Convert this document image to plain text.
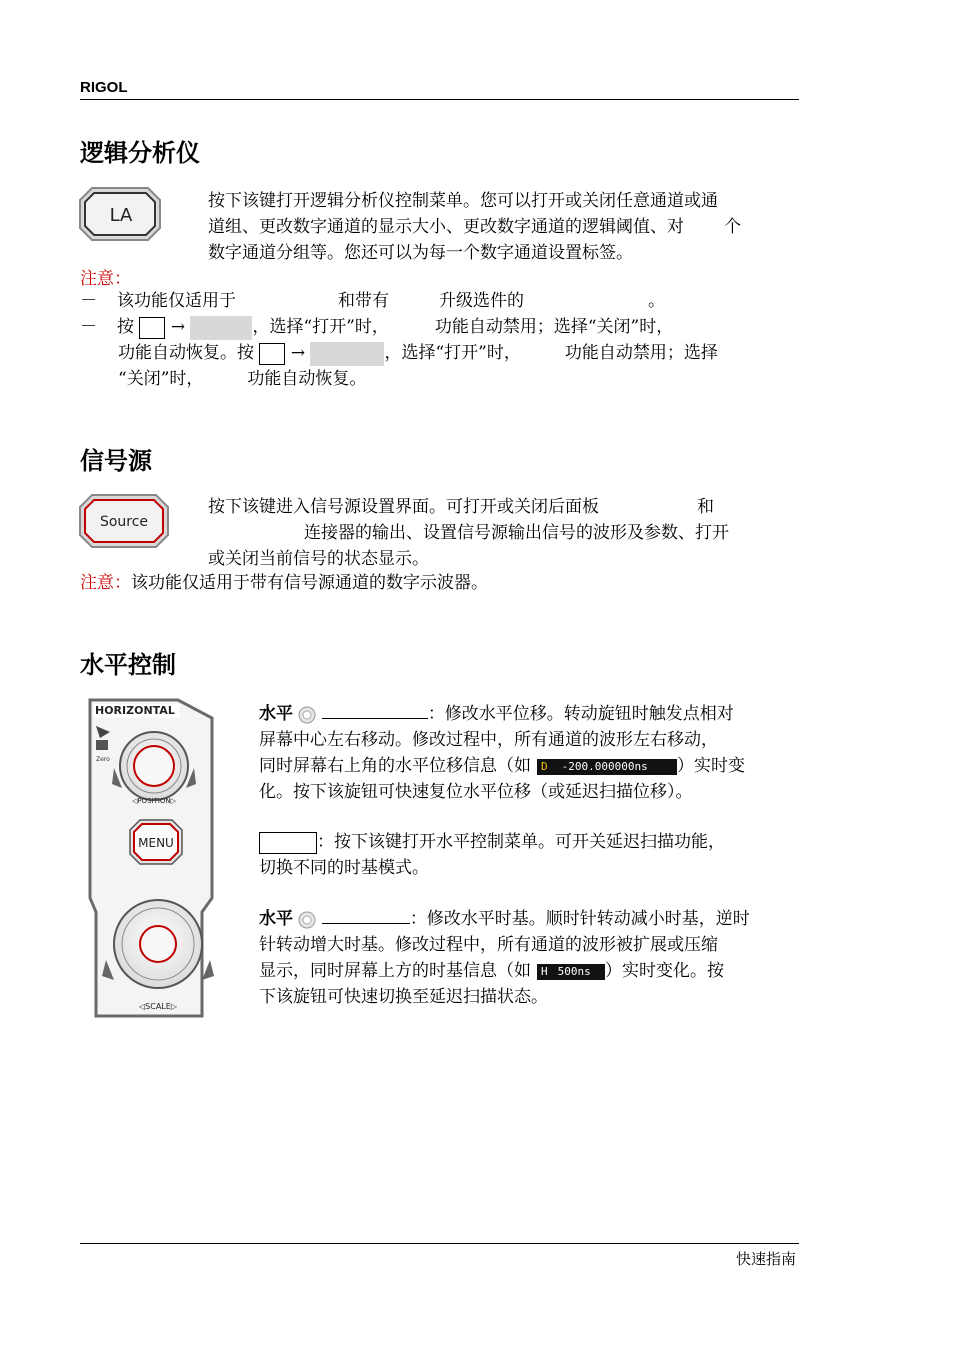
RIGOL
逻辑分析仪
LA
按下该键打开逻辑分析仪控制菜单。您可以打开或关闭任意通道或通
道组、更改数字通道的显示大小、更改数字通道的逻辑阈值、对 个
数字通道分组等。您还可以为每一个数字通道设置标签。
注意：
－ 该功能仅适用于	和带有	升级选件的	。
－ 按 →	，选择“打开”时，	功能自动禁用；选择“关闭”时，
功能自动恢复。按 →	，选择“打开”时，	功能自动禁用；选择
“关闭”时，	功能自动恢复。
信号源
Source
按下该键进入信号源设置界面。可打开或关闭后面板	和
连接器的输出、设置信号源输出信号的波形及参数、打开
或关闭当前信号的状态显示。
注意：该功能仅适用于带有信号源通道的数字示波器。
水平控制
HORIZONTAL
Zero
◁POSITION▷
MENU
◁SCALE▷
水平	：修改水平位移。转动旋钮时触发点相对
屏幕中心左右移动。修改过程中，所有通道的波形左右移动，
同时屏幕右上角的水平位移信息（如 D -200.000000ns ）实时变
化。按下该旋钮可快速复位水平位移（或延迟扫描位移）。
：按下该键打开水平控制菜单。可开关延迟扫描功能，
切换不同的时基模式。
水平	：修改水平时基。顺时针转动减小时基，逆时
针转动增大时基。修改过程中，所有通道的波形被扩展或压缩
显示，同时屏幕上方的时基信息（如 H 500ns ）实时变化。按
下该旋钮可快速切换至延迟扫描状态。
快速指南
